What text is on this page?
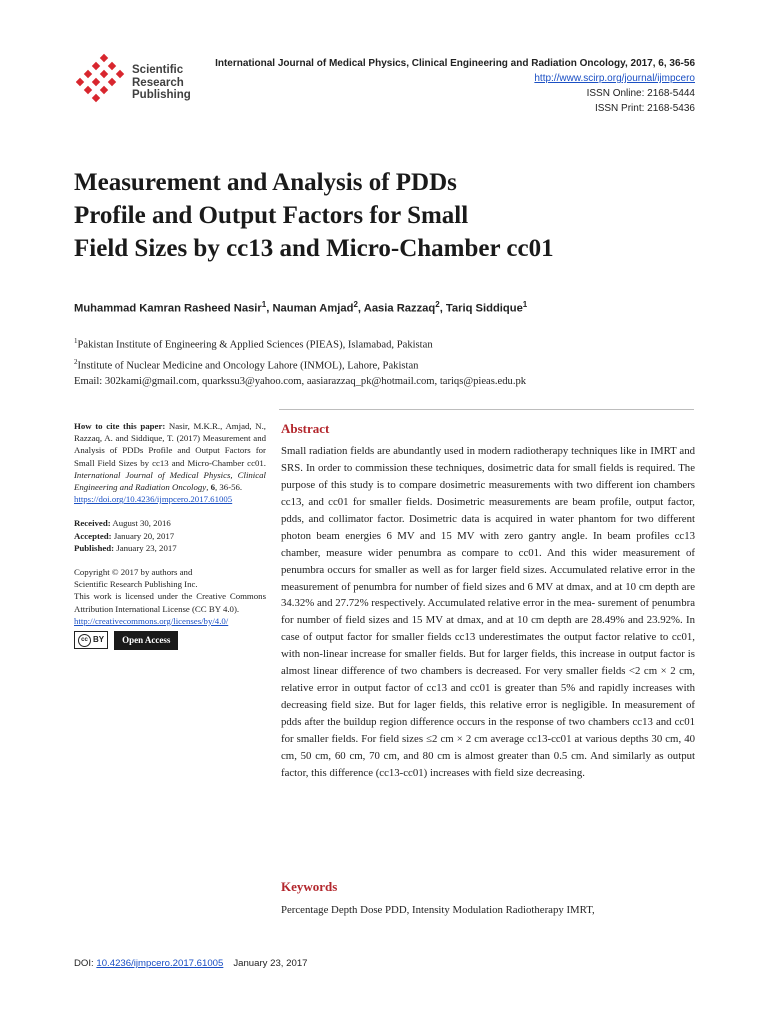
Scientific
Research
Publishing
International Journal of Medical Physics, Clinical Engineering and Radiation Oncology, 2017, 6, 36-56
http://www.scirp.org/journal/ijmpcero
ISSN Online: 2168-5444
ISSN Print: 2168-5436
Measurement and Analysis of PDDs
Profile and Output Factors for Small
Field Sizes by cc13 and Micro-Chamber cc01
Muhammad Kamran Rasheed Nasir$^1$, Nauman Amjad$^2$, Aasia Razzaq$^2$, Tariq Siddique$^1$
$^1$Pakistan Institute of Engineering & Applied Sciences (PIEAS), Islamabad, Pakistan
$^2$Institute of Nuclear Medicine and Oncology Lahore (INMOL), Lahore, Pakistan
Email: 302kami@gmail.com, quarkssu3@yahoo.com, aasiarazzaq_pk@hotmail.com, tariqs@pieas.edu.pk

How to cite this paper: Nasir, M.K.R., Amjad, N., Razzaq, A. and Siddique, T. (2017) Measurement and Analysis of PDDs Profile and Output Factors for Small Field Sizes by cc13 and Micro-Chamber cc01. International Journal of Medical Physics, Clinical Engineering and Radiation Oncology, 6, 36-56.
https://doi.org/10.4236/ijmpcero.2017.61005

Received: August 30, 2016
Accepted: January 20, 2017
Published: January 23, 2017

Copyright © 2017 by authors and
Scientific Research Publishing Inc.
This work is licensed under the Creative Commons Attribution International License (CC BY 4.0).
http://creativecommons.org/licenses/by/4.0/

cc BY	Open Access
Abstract

Small radiation fields are abundantly used in modern radiotherapy techniques like in IMRT and SRS. In order to commission these techniques, dosimetric data for small fields is required. The purpose of this study is to compare dosimetric measurements with two different ion chambers cc13, and cc01 for smaller fields. Dosimetric measurements are beam profile, output factor, pdds, and collimator factor. Dosimetric data is acquired in water phantom for two different photon beam energies 6 MV and 15 MV with zero gantry angle. In beam profiles cc13 chamber, measure wider penumbra as compare to cc01. And this wider measurement of penumbra occurs for smaller as well as for larger field sizes. Accumulated relative error in the measurement of penumbra for number of field sizes and 6 MV at dmax, and at 10 cm depth are 34.32% and 27.72% respectively. Accumulated relative error in the mea- surement of penumbra for number of field sizes and 15 MV at dmax, and at 10 cm depth are 28.49% and 23.92%. In case of output factor for smaller fields cc13 underestimates the output factor relative to cc01, with non-linear increase for smaller fields. But for larger fields, this increase in output factor is almost linear difference of two chambers is decreased. For very smaller fields <2 cm × 2 cm, relative error in output factor of cc13 and cc01 is greater than 5% and rapidly increases with decreasing field size. But for lager fields, this relative error is negligible. In measurement of pdds after the buildup region difference occurs in the response of two chambers cc13 and cc01 for smaller fields. For field sizes ≤2 cm × 2 cm average cc13-cc01 at various depths 30 cm, 40 cm, 50 cm, 60 cm, 70 cm, and 80 cm is almost greater than 0.5 cm. And similarly as output factor, this difference (cc13-cc01) increases with field size decreasing.

Keywords
Percentage Depth Dose PDD, Intensity Modulation Radiotherapy IMRT,
DOI: 10.4236/ijmpcero.2017.61005 January 23, 2017
